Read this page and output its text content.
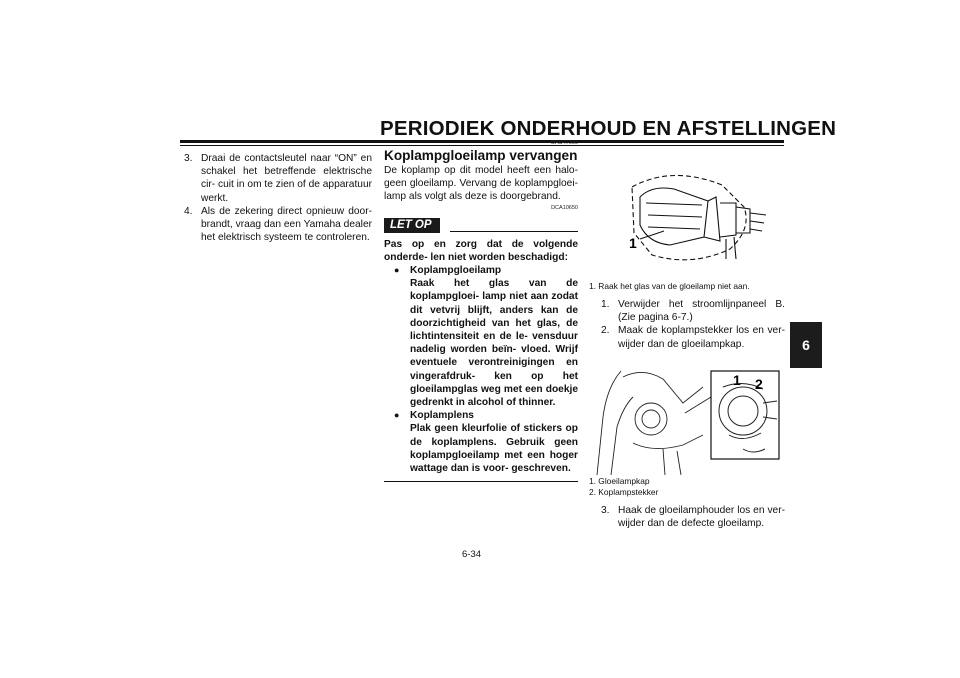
PERIODIEK ONDERHOUD EN AFSTELLINGEN
6
6-34
3. Draai de contactsleutel naar “ON” en schakel het betreffende elektrische cir- cuit in om te zien of de apparatuur werkt.
4. Als de zekering direct opnieuw door- brandt, vraag dan een Yamaha dealer het elektrisch systeem te controleren.
DAU47600
Koplampgloeilamp vervangen
De koplamp op dit model heeft een halo- geen gloeilamp. Vervang de koplampgloei- lamp als volgt als deze is doorgebrand.
DCA10650
LET OP
Pas op en zorg dat de volgende onderde- len niet worden beschadigd:
●	Koplampgloeilamp
Raak het glas van de koplampgloei- lamp niet aan zodat dit vetvrij blijft, anders kan de doorzichtigheid van het glas, de lichtintensiteit en de le- vensduur nadelig worden beïn- vloed. Wrijf eventuele verontreinigingen en vingerafdruk- ken op het gloeilampglas weg met een doekje gedrenkt in alcohol of thinner.
●	Koplamplens
Plak geen kleurfolie of stickers op de koplamplens. Gebruik geen koplampgloeilamp met een hoger wattage dan is voor- geschreven.
1
1. Raak het glas van de gloeilamp niet aan.
1. Verwijder het stroomlijnpaneel B. (Zie pagina 6-7.)
2. Maak de koplampstekker los en ver- wijder dan de gloeilampkap.
1 2
1. Gloeilampkap
2. Koplampstekker
3. Haak de gloeilamphouder los en ver- wijder dan de defecte gloeilamp.
